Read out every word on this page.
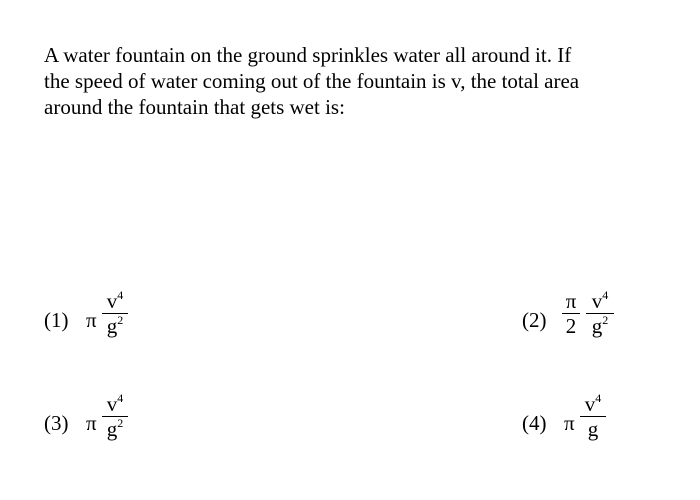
A water fountain on the ground sprinkles water all around it. If
the speed of water coming out of the fountain is v, the total area
around the fountain that gets wet is:
(1) π
$v^4$
$g^2$	(2)
π
2
$v^4$
$g^2$
(3) π
$v^4$
$g^2$	(4) π
$v^4$
g
